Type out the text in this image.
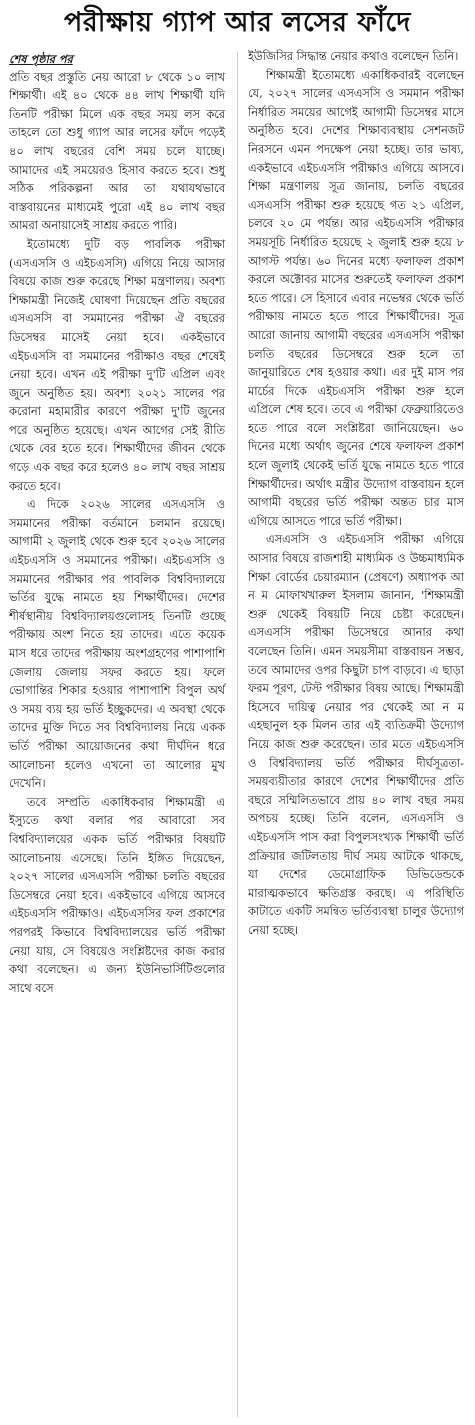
পরীক্ষায় গ্যাপ আর লসের ফাঁদে
শেষ পৃষ্ঠার পর

প্রতি বছর প্রস্তুতি নেয় আরো ৮ থেকে ১০ লাখ শিক্ষার্থী। এই ৪০ থেকে ৪৪ লাখ শিক্ষার্থী যদি তিনটি পরীক্ষা মিলে এক বছর সময় লস করে তাহলে তো শুধু গ্যাপ আর লসের ফাঁদে পড়েই ৪০ লাখ বছরের বেশি সময় চলে যাচ্ছে। আমাদের এই সময়েরও হিসাব করতে হবে। শুধু সঠিক পরিকল্পনা আর তা যথাযথভাবে বাস্তবায়নের মাধ্যমেই পুরো এই ৪০ লাখ বছর আমরা অনায়াসেই সাশ্রয় করতে পারি।

ইতোমধ্যে দুটি বড় পাবলিক পরীক্ষা (এসএসসি ও এইচএসসি) এগিয়ে নিয়ে আসার বিষয়ে কাজ শুরু করেছে শিক্ষা মন্ত্রণালয়। অবশ্য শিক্ষামন্ত্রী নিজেই ঘোষণা দিয়েছেন প্রতি বছরের এসএসসি বা সমমানের পরীক্ষা ঐ বছরের ডিসেম্বর মাসেই নেয়া হবে। একইভাবে এইচএসসি বা সমমানের পরীক্ষাও বছর শেষেই নেয়া হবে। এখন এই পরীক্ষা দু'টি এপ্রিল এবং জুনে অনুষ্ঠিত হয়। অবশ্য ২০২১ সালের পর করোনা মহামারীর কারণে পরীক্ষা দু'টি জুনের পরে অনুষ্ঠিত হয়েছে। এখন আগের সেই রীতি থেকে বের হতে হবে। শিক্ষার্থীদের জীবন থেকে গড়ে এক বছর করে হলেও ৪০ লাখ বছর সাশ্রয় করতে হবে।

এ দিকে ২০২৬ সালের এসএসসি ও সমমানের পরীক্ষা বর্তমানে চলমান রয়েছে। আগামী ২ জুলাই থেকে শুরু হবে ২০২৬ সালের এইচএসসি ও সমমানের পরীক্ষা। এইচএসসি ও সমমানের পরীক্ষার পর পাবলিক বিশ্ববিদ্যালয়ে ভর্তির যুদ্ধে নামতে হয় শিক্ষার্থীদের। দেশের শীর্ষস্থানীয় বিশ্ববিদ্যালয়গুলোসহ তিনটি গুচ্ছে পরীক্ষায় অংশ নিতে হয় তাদের। এতে কয়েক মাস ধরে তাদের পরীক্ষায় অংশগ্রহণের পাশাপাশি জেলায় জেলায় সফর করতে হয়। ফলে ভোগান্তির শিকার হওয়ার পাশাপাশি বিপুল অর্থ ও সময় ব্যয় হয় ভর্তি ইচ্ছুকদের। এ অবস্থা থেকে তাদের মুক্তি দিতে সব বিশ্ববিদ্যালয় নিয়ে একক ভর্তি পরীক্ষা আয়োজনের কথা দীর্ঘদিন ধরে আলোচনা হলেও এখনো তা আলোর মুখ দেখেনি।

তবে সম্প্রতি একাধিকবার শিক্ষামন্ত্রী এ ইস্যুতে কথা বলার পর আবারো সব বিশ্ববিদ্যালয়ের একক ভর্তি পরীক্ষার বিষয়টি আলোচনায় এসেছে। তিনি ইঙ্গিত দিয়েছেন, ২০২৭ সালের এসএসসি পরীক্ষা চলতি বছরের ডিসেম্বরে নেয়া হবে। একইভাবে এগিয়ে আসবে এইচএসসি পরীক্ষাও। এইচএসসির ফল প্রকাশের পরপরই কিভাবে বিশ্ববিদ্যালয়ের ভর্তি পরীক্ষা নেয়া যায়, সে বিষয়েও সংশ্লিষ্টদের কাজ করার কথা বলেছেন। এ জন্য ইউনিভার্সিটিগুলোর সাথে বসে

ইউজিসির সিদ্ধান্ত নেয়ার কথাও বলেছেন তিনি।

শিক্ষামন্ত্রী ইতোমধ্যে একাধিকবারই বলেছেন যে, ২০২৭ সালের এসএসসি ও সমমান পরীক্ষা নির্ধারিত সময়ের আগেই আগামী ডিসেম্বর মাসে অনুষ্ঠিত হবে। দেশের শিক্ষাব্যবস্থায় সেশনজট নিরসনে এমন পদক্ষেপ নেয়া হচ্ছে। তার ভাষ্য, একইভাবে এইচএসসি পরীক্ষাও এগিয়ে আসবে। শিক্ষা মন্ত্রণালয় সূত্র জানায়, চলতি বছরের এসএসসি পরীক্ষা শুরু হয়েছে গত ২১ এপ্রিল, চলবে ২০ মে পর্যন্ত। আর এইচএসসি পরীক্ষার সময়সূচি নির্ধারিত হয়েছে ২ জুলাই শুরু হয়ে ৮ আগস্ট পর্যন্ত। ৬০ দিনের মধ্যে ফলাফল প্রকাশ করলে অক্টোবর মাসের শুরুতেই ফলাফল প্রকাশ হতে পারে। সে হিসাবে এবার নভেম্বর থেকে ভর্তি পরীক্ষায় নামতে হতে পারে শিক্ষার্থীদের। সূত্র আরো জানায় আগামী বছরের এসএসসি পরীক্ষা চলতি বছরের ডিসেম্বরে শুরু হলে তা জানুয়ারিতে শেষ হওয়ার কথা। এর দুই মাস পর মার্চের দিকে এইচএসসি পরীক্ষা শুরু হলে এপ্রিলে শেষ হবে। তবে এ পরীক্ষা ফেব্রুয়ারিতেও হতে পারে বলে সংশ্লিষ্টরা জানিয়েছেন। ৬০ দিনের মধ্যে অর্থাৎ জুনের শেষে ফলাফল প্রকাশ হলে জুলাই থেকেই ভর্তি যুদ্ধে নামতে হতে পারে শিক্ষার্থীদের। অর্থাৎ মন্ত্রীর উদ্যোগ বাস্তবায়ন হলে আগামী বছরের ভর্তি পরীক্ষা অন্তত চার মাস এগিয়ে আসতে পারে ভর্তি পরীক্ষা।

এসএসসি ও এইচএসসি পরীক্ষা এগিয়ে আসার বিষয়ে রাজশাহী মাধ্যমিক ও উচ্চমাধ্যমিক শিক্ষা বোর্ডের চেয়ারম্যান (প্রেষণে) অধ্যাপক আ ন ম মোফাখখারুল ইসলাম জানান, 'শিক্ষামন্ত্রী শুরু থেকেই বিষয়টি নিয়ে চেষ্টা করেছেন। এসএসসি পরীক্ষা ডিসেম্বরে আনার কথা বলেছেন তিনি। এমন সময়সীমা বাস্তবায়ন সম্ভব, তবে আমাদের ওপর কিছুটা চাপ বাড়বে। এ ছাড়া ফরম পূরণ, টেস্ট পরীক্ষার বিষয় আছে। শিক্ষামন্ত্রী হিসেবে দায়িত্ব নেয়ার পর থেকেই আ ন ম এহছানুল হক মিলন তার এই ব্যতিক্রমী উদ্যোগ নিয়ে কাজ শুরু করেছেন। তার মতে এইচএসসি ও বিশ্ববিদ্যালয় ভর্তি পরীক্ষার দীর্ঘসূত্রতা-সময়ব্যয়ীতার কারণে দেশের শিক্ষার্থীদের প্রতি বছরে সম্মিলিতভাবে প্রায় ৪০ লাখ বছর সময় অপচয় হচ্ছে। তিনি বলেন, এসএসসি ও এইচএসসি পাস করা বিপুলসংখ্যক শিক্ষার্থী ভর্তি প্রক্রিয়ার জটিলতায় দীর্ঘ সময় আটকে থাকছে, যা দেশের ডেমোগ্রাফিক ডিভিডেন্ডকে মারাত্মকভাবে ক্ষতিগ্রস্ত করছে। এ পরিস্থিতি কাটাতে একটি সমন্বিত ভর্তিব্যবস্থা চালুর উদ্যোগ নেয়া হচ্ছে।
